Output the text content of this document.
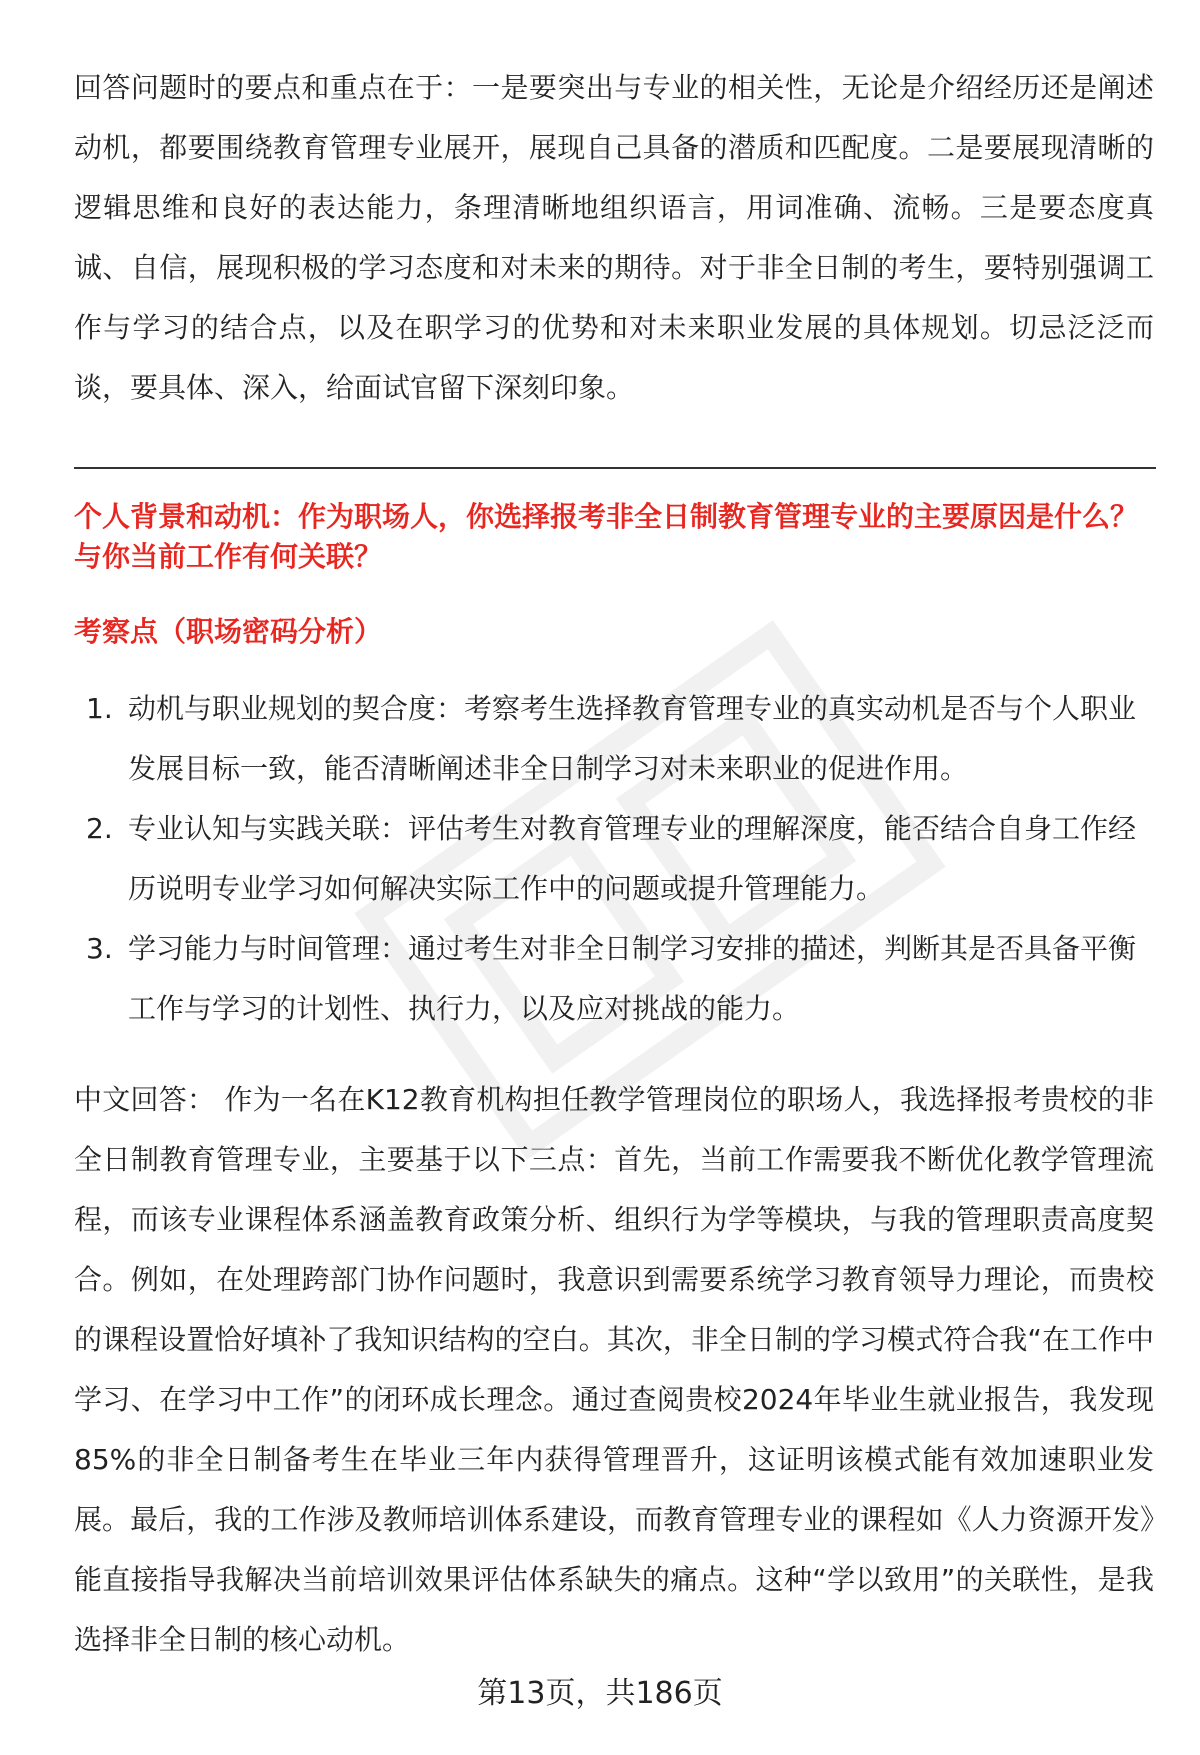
回答问题时的要点和重点在于：一是要突出与专业的相关性，无论是介绍经历还是阐述动机，都要围绕教育管理专业展开，展现自己具备的潜质和匹配度。二是要展现清晰的逻辑思维和良好的表达能力，条理清晰地组织语言，用词准确、流畅。三是要态度真诚、自信，展现积极的学习态度和对未来的期待。对于非全日制的考生，要特别强调工作与学习的结合点，以及在职学习的优势和对未来职业发展的具体规划。切忌泛泛而谈，要具体、深入，给面试官留下深刻印象。

个人背景和动机：作为职场人，你选择报考非全日制教育管理专业的主要原因是什么？与你当前工作有何关联？

考察点（职场密码分析）

1. 动机与职业规划的契合度：考察考生选择教育管理专业的真实动机是否与个人职业发展目标一致，能否清晰阐述非全日制学习对未来职业的促进作用。
2. 专业认知与实践关联：评估考生对教育管理专业的理解深度，能否结合自身工作经历说明专业学习如何解决实际工作中的问题或提升管理能力。
3. 学习能力与时间管理：通过考生对非全日制学习安排的描述，判断其是否具备平衡工作与学习的计划性、执行力，以及应对挑战的能力。

中文回答： 作为一名在K12教育机构担任教学管理岗位的职场人，我选择报考贵校的非全日制教育管理专业，主要基于以下三点：首先，当前工作需要我不断优化教学管理流程，而该专业课程体系涵盖教育政策分析、组织行为学等模块，与我的管理职责高度契合。例如，在处理跨部门协作问题时，我意识到需要系统学习教育领导力理论，而贵校的课程设置恰好填补了我知识结构的空白。其次，非全日制的学习模式符合我“在工作中学习、在学习中工作”的闭环成长理念。通过查阅贵校2024年毕业生就业报告，我发现85%的非全日制备考生在毕业三年内获得管理晋升，这证明该模式能有效加速职业发展。最后，我的工作涉及教师培训体系建设，而教育管理专业的课程如《人力资源开发》能直接指导我解决当前培训效果评估体系缺失的痛点。这种“学以致用”的关联性，是我选择非全日制的核心动机。

第13页，共186页
